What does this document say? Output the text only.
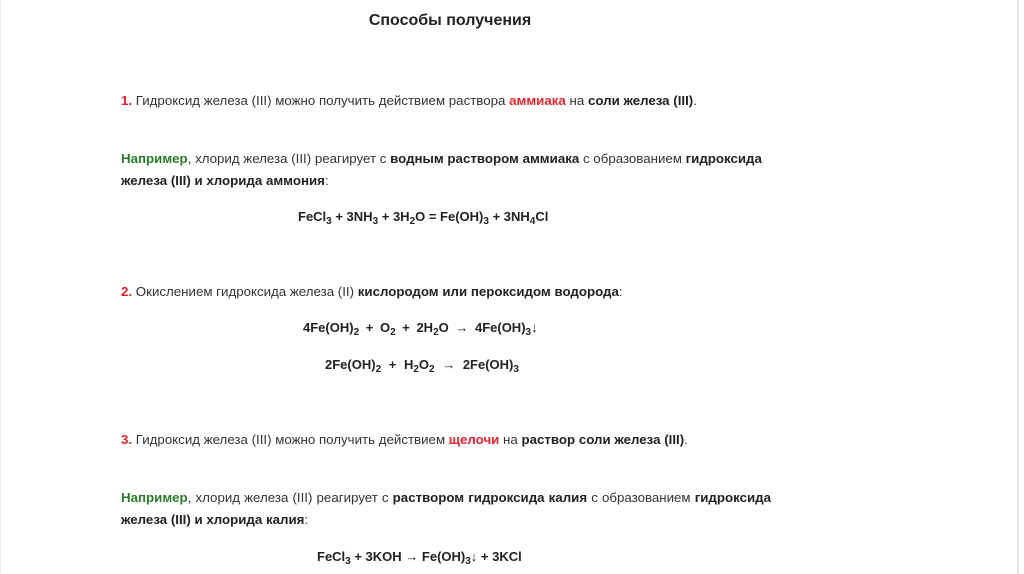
Способы получения

1. Гидроксид железа (III) можно получить действием раствора аммиака на соли железа (III).

Например, хлорид железа (III) реагирует с водным раствором аммиака с образованием гидроксида железа (III) и хлорида аммония:

FeCl$_3$ + $3NH_3 + 3H_2O = Fe(OH)_3 + 3NH_4Cl$

2. Окислением гидроксида железа (II) кислородом или пероксидом водорода:

$4Fe(OH)_2 + O_2 + 2H_2O$ → $4Fe(OH)_3↓$
$2Fe(OH)_2 + H_2O_2 \to 2Fe(OH)_3$

3. Гидроксид железа (III) можно получить действием щелочи на раствор соли железа (III).

Например, хлорид железа (III) реагирует с раствором гидроксида калия с образованием гидроксида железа (III) и хлорида калия:

FeCl$_3$ + $3KOH \to Fe(OH)_3↓ + 3KCl$
